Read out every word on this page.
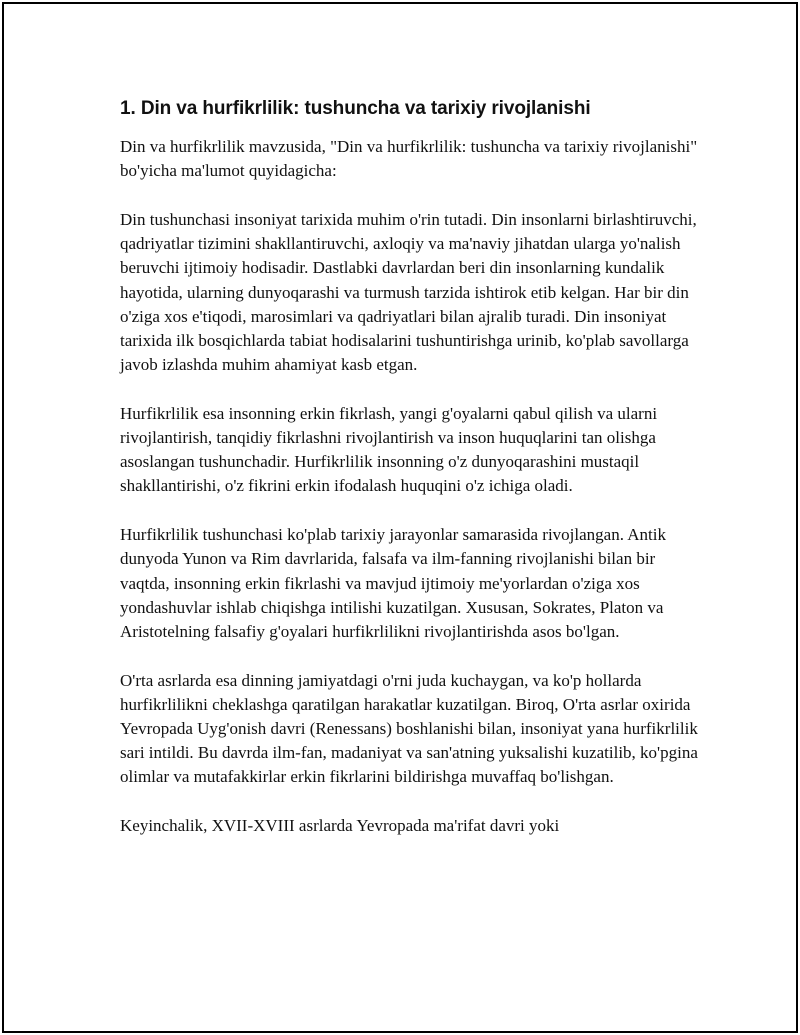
1. Din va hurfikrlilik: tushuncha va tarixiy rivojlanishi

Din va hurfikrlilik mavzusida, "Din va hurfikrlilik: tushuncha va tarixiy rivojlanishi" bo'yicha ma'lumot quyidagicha:

Din tushunchasi insoniyat tarixida muhim o'rin tutadi. Din insonlarni birlashtiruvchi, qadriyatlar tizimini shakllantiruvchi, axloqiy va ma'naviy jihatdan ularga yo'nalish beruvchi ijtimoiy hodisadir. Dastlabki davrlardan beri din insonlarning kundalik hayotida, ularning dunyoqarashi va turmush tarzida ishtirok etib kelgan. Har bir din o'ziga xos e'tiqodi, marosimlari va qadriyatlari bilan ajralib turadi. Din insoniyat tarixida ilk bosqichlarda tabiat hodisalarini tushuntirishga urinib, ko'plab savollarga javob izlashda muhim ahamiyat kasb etgan.

Hurfikrlilik esa insonning erkin fikrlash, yangi g'oyalarni qabul qilish va ularni rivojlantirish, tanqidiy fikrlashni rivojlantirish va inson huquqlarini tan olishga asoslangan tushunchadir. Hurfikrlilik insonning o'z dunyoqarashini mustaqil shakllantirishi, o'z fikrini erkin ifodalash huquqini o'z ichiga oladi.

Hurfikrlilik tushunchasi ko'plab tarixiy jarayonlar samarasida rivojlangan. Antik dunyoda Yunon va Rim davrlarida, falsafa va ilm-fanning rivojlanishi bilan bir vaqtda, insonning erkin fikrlashi va mavjud ijtimoiy me'yorlardan o'ziga xos yondashuvlar ishlab chiqishga intilishi kuzatilgan. Xususan, Sokrates, Platon va Aristotelning falsafiy g'oyalari hurfikrlilikni rivojlantirishda asos bo'lgan.

O'rta asrlarda esa dinning jamiyatdagi o'rni juda kuchaygan, va ko'p hollarda hurfikrlilikni cheklashga qaratilgan harakatlar kuzatilgan. Biroq, O'rta asrlar oxirida Yevropada Uyg'onish davri (Renessans) boshlanishi bilan, insoniyat yana hurfikrlilik sari intildi. Bu davrda ilm-fan, madaniyat va san'atning yuksalishi kuzatilib, ko'pgina olimlar va mutafakkirlar erkin fikrlarini bildirishga muvaffaq bo'lishgan.

Keyinchalik, XVII-XVIII asrlarda Yevropada ma'rifat davri yoki
